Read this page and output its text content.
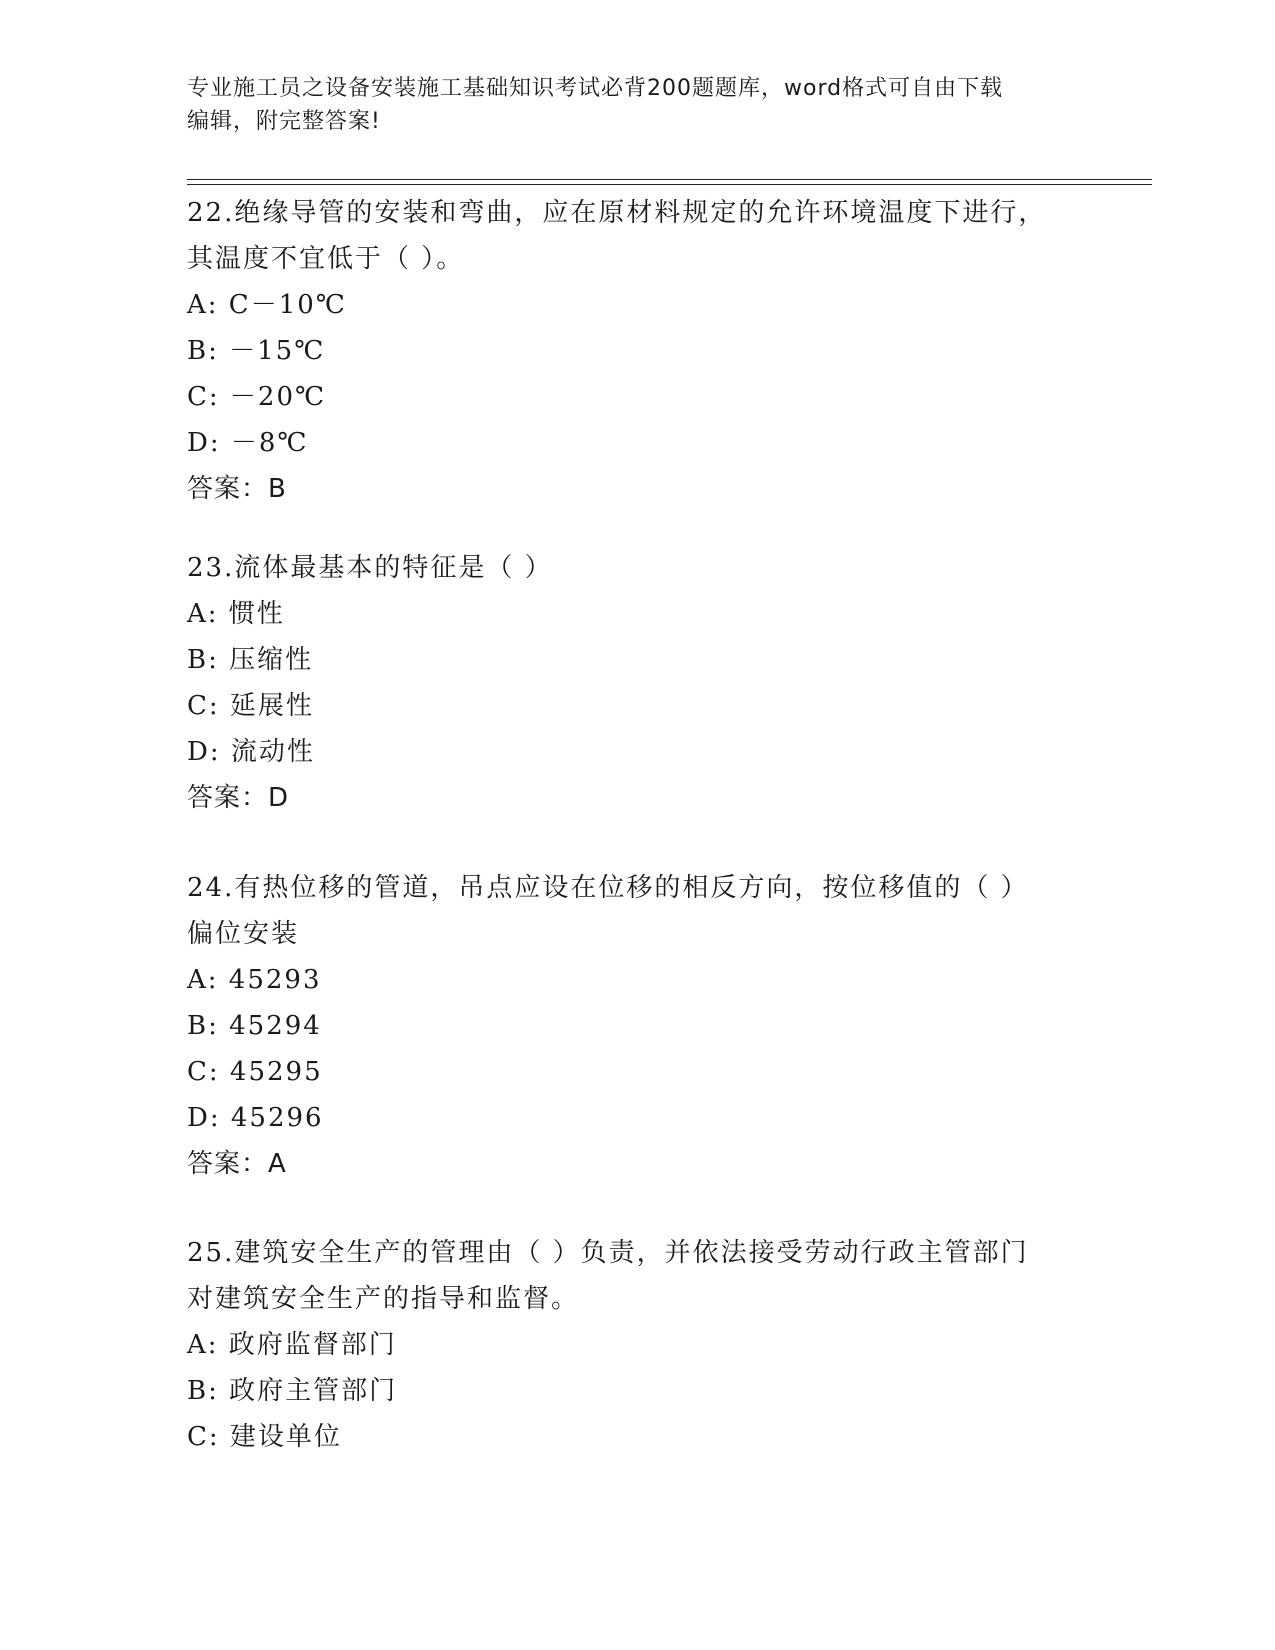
专业施工员之设备安装施工基础知识考试必背200题题库，word格式可自由下载
编辑，附完整答案!
22.绝缘导管的安装和弯曲，应在原材料规定的允许环境温度下进行，
其温度不宜低于（ ）。
A: C－10℃
B: －15℃
C: －20℃
D: －8℃
答案：B
23.流体最基本的特征是（ ）
A: 惯性
B: 压缩性
C: 延展性
D: 流动性
答案：D
24.有热位移的管道，吊点应设在位移的相反方向，按位移值的（ ）
偏位安装
A: 45293
B: 45294
C: 45295
D: 45296
答案：A
25.建筑安全生产的管理由（ ）负责，并依法接受劳动行政主管部门
对建筑安全生产的指导和监督。
A: 政府监督部门
B: 政府主管部门
C: 建设单位
